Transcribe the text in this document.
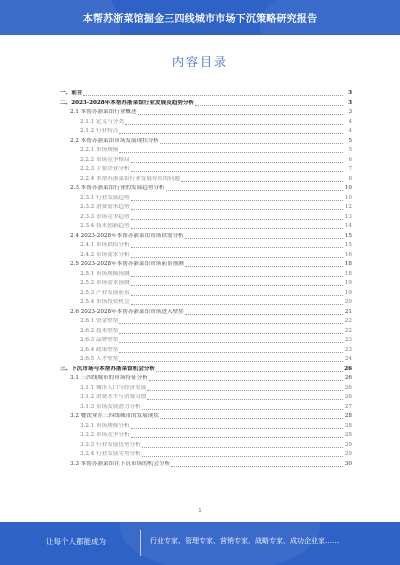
本帮苏浙菜馆掘金三四线城市市场下沉策略研究报告
内容目录
一、前言	3
二、2023-2028年本帮苏浙菜馆行业发展及趋势分析	3
2.1 本帮苏浙菜馆行业概述	3
2.1.1 定义与分类	4
2.1.2 行业特点	4
2.2 本帮苏浙菜馆市场发展现状分析	5
2.2.1 市场规模	5
2.2.2 市场竞争格局	6
2.2.3 主要企业分析	7
2.2.4 本帮苏浙菜馆行业发展存在的问题	8
2.3 本帮苏浙菜馆行业的发展趋势分析	10
2.3.1 行业发展趋势	10
2.3.2 消费需求趋势	12
2.3.3 市场竞争趋势	13
2.3.4 技术创新趋势	14
2.4 2023-2028年本帮苏浙菜馆市场供需分析	15
2.4.1 市场供给分析	15
2.4.2 市场需求分析	16
2.5 2023-2028年本帮苏浙菜馆市场前景预测	18
2.5.1 市场规模预测	18
2.5.2 市场需求预测	19
2.5.3 产业发展前景	19
2.5.4 市场投资机会	20
2.6 2023-2028年本帮苏浙菜馆市场进入壁垒	21
2.6.1 资金壁垒	22
2.6.2 技术壁垒	22
2.6.3 品牌壁垒	23
2.6.4 政策壁垒	23
2.6.5 人才壁垒	24
三、下沉市场与本帮苏浙菜馆机会分析	26
3.1 三四线城市的市场特征分析	26
3.1.1 城市人口与经济发展	26
3.1.2 消费水平与消费习惯	26
3.1.3 市场发展潜力分析	27
3.2 餐饮业在三四线城市的发展现状	28
3.2.1 市场规模分析	28
3.2.2 市场竞争分析	28
3.2.3 行业发展优势分析	29
3.2.4 行业发展劣势分析	29
3.3 本帮苏浙菜馆在下沉市场的机会分析	30
1
让每个人都能成为	行业专家、管理专家、营销专家、战略专家、成功企业家……
